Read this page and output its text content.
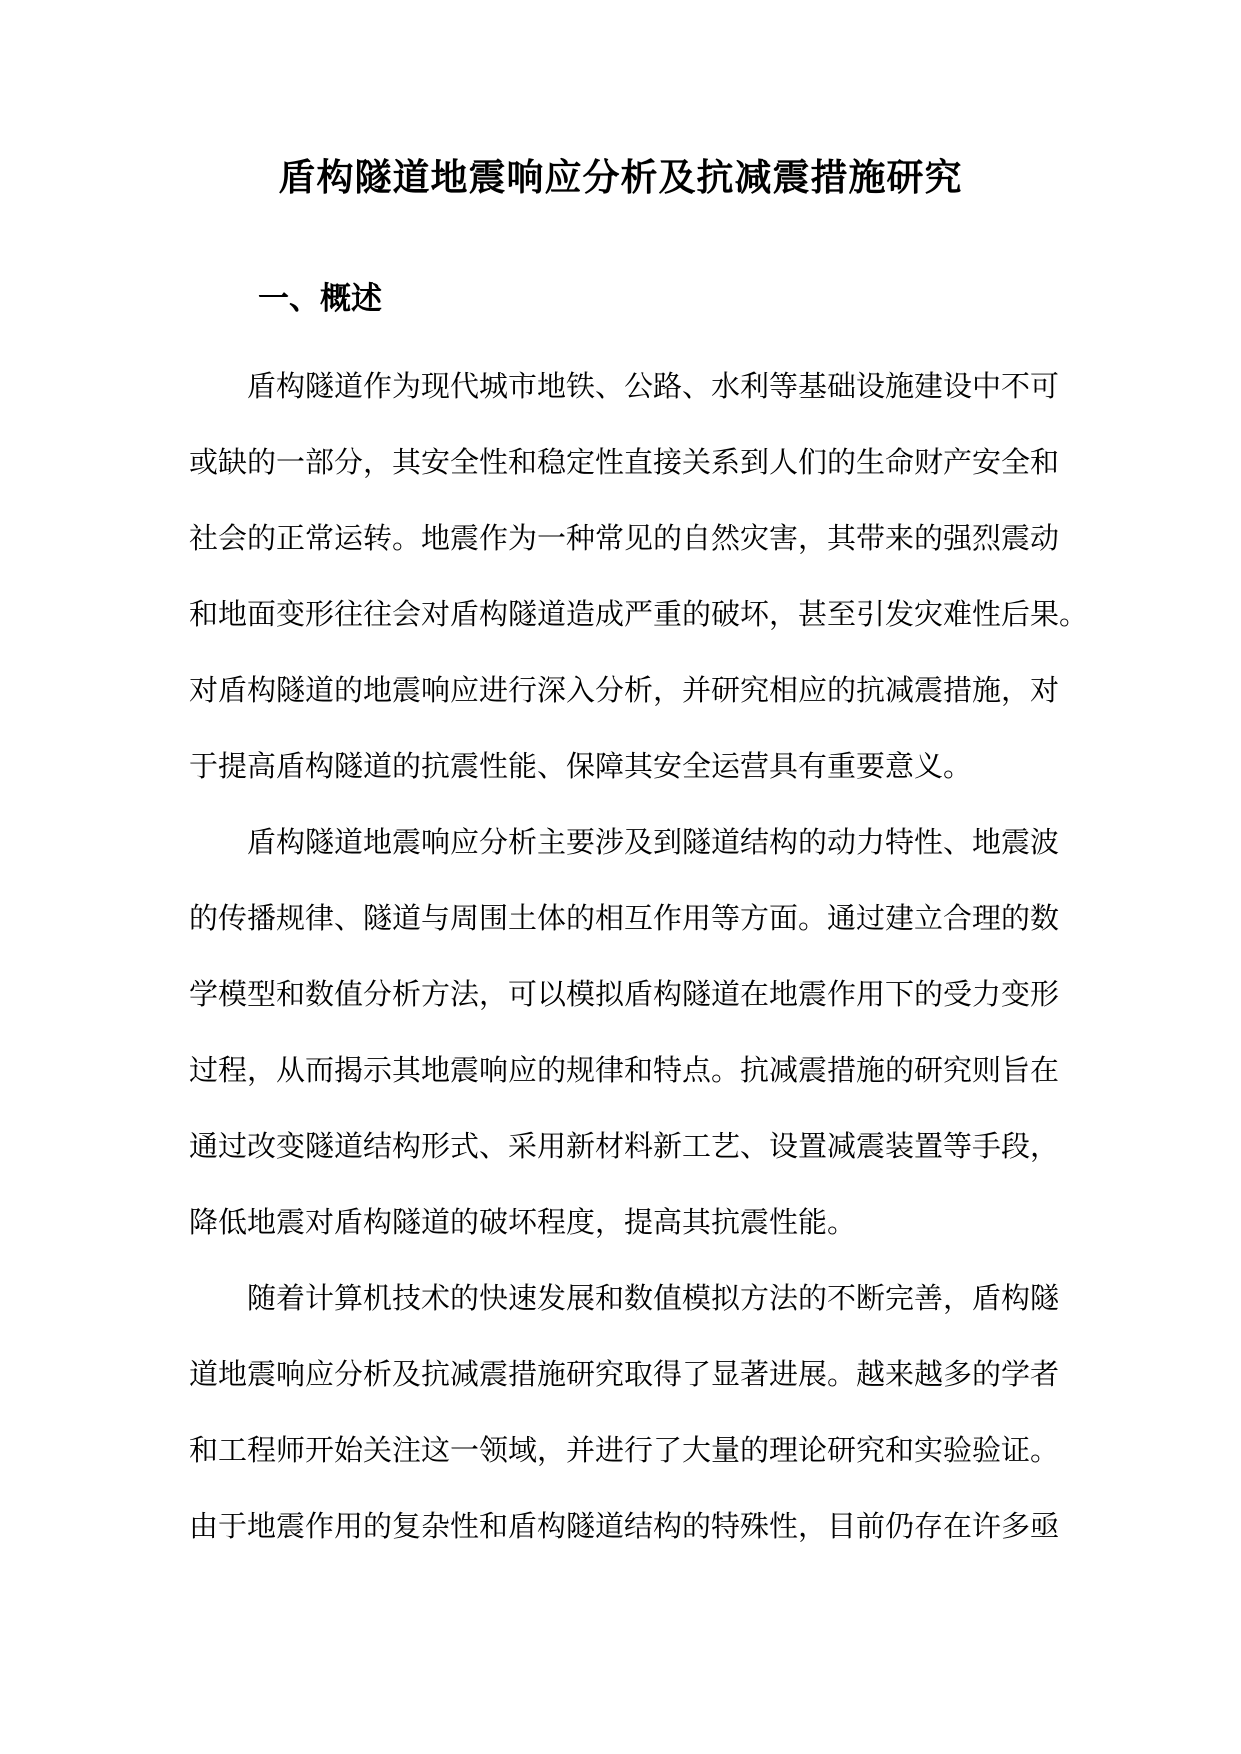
盾构隧道地震响应分析及抗减震措施研究
一、概述
盾构隧道作为现代城市地铁、公路、水利等基础设施建设中不可
或缺的一部分，其安全性和稳定性直接关系到人们的生命财产安全和
社会的正常运转。地震作为一种常见的自然灾害，其带来的强烈震动
和地面变形往往会对盾构隧道造成严重的破坏，甚至引发灾难性后果。
对盾构隧道的地震响应进行深入分析，并研究相应的抗减震措施，对
于提高盾构隧道的抗震性能、保障其安全运营具有重要意义。
盾构隧道地震响应分析主要涉及到隧道结构的动力特性、地震波
的传播规律、隧道与周围土体的相互作用等方面。通过建立合理的数
学模型和数值分析方法，可以模拟盾构隧道在地震作用下的受力变形
过程，从而揭示其地震响应的规律和特点。抗减震措施的研究则旨在
通过改变隧道结构形式、采用新材料新工艺、设置减震装置等手段，
降低地震对盾构隧道的破坏程度，提高其抗震性能。
随着计算机技术的快速发展和数值模拟方法的不断完善，盾构隧
道地震响应分析及抗减震措施研究取得了显著进展。越来越多的学者
和工程师开始关注这一领域，并进行了大量的理论研究和实验验证。
由于地震作用的复杂性和盾构隧道结构的特殊性，目前仍存在许多亟
